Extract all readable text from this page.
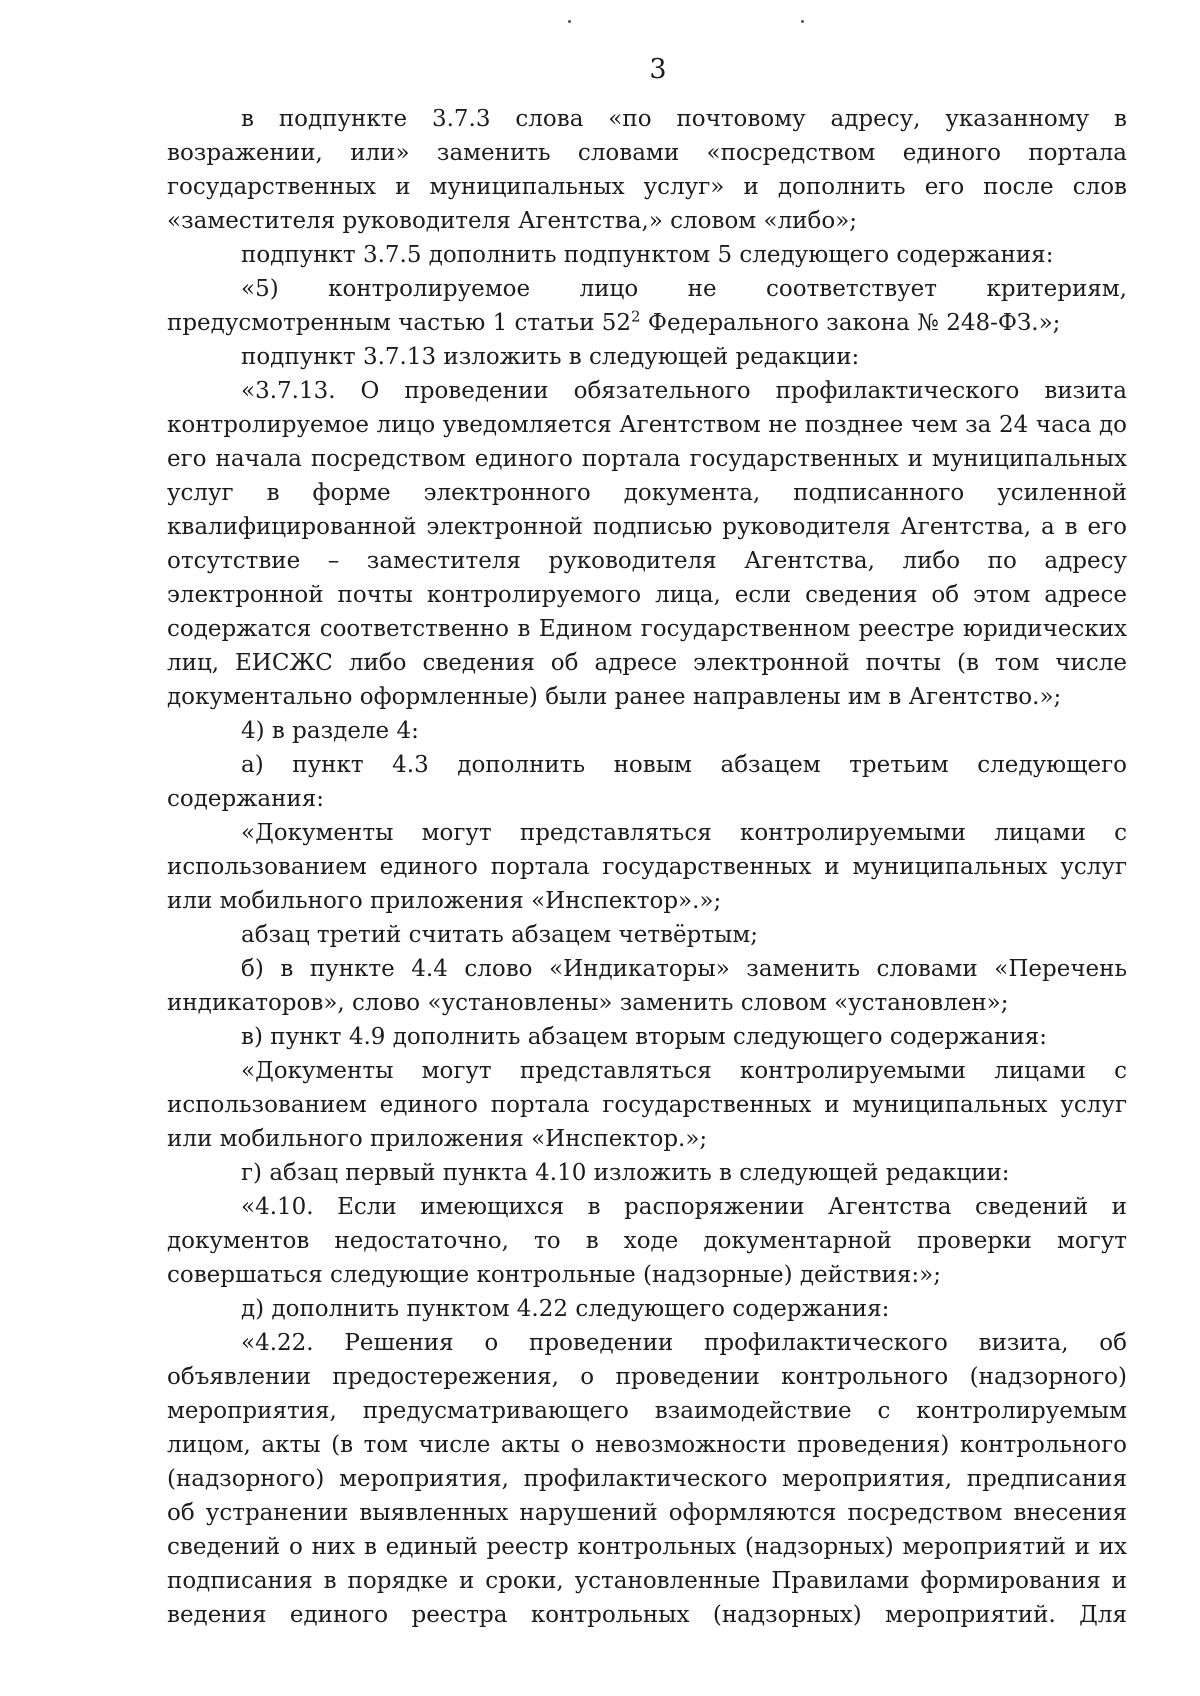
3

в подпункте 3.7.3 слова «по почтовому адресу, указанному в возражении, или» заменить словами «посредством единого портала государственных и муниципальных услуг» и дополнить его после слов «заместителя руководителя Агентства,» словом «либо»;

подпункт 3.7.5 дополнить подпунктом 5 следующего содержания:

«5) контролируемое лицо не соответствует критериям, предусмотренным частью 1 статьи $52^2$ Федерального закона № 248-ФЗ.»;

подпункт 3.7.13 изложить в следующей редакции:

«3.7.13. О проведении обязательного профилактического визита контролируемое лицо уведомляется Агентством не позднее чем за 24 часа до его начала посредством единого портала государственных и муниципальных услуг в форме электронного документа, подписанного усиленной квалифицированной электронной подписью руководителя Агентства, а в его отсутствие – заместителя руководителя Агентства, либо по адресу электронной почты контролируемого лица, если сведения об этом адресе содержатся соответственно в Едином государственном реестре юридических лиц, ЕИСЖС либо сведения об адресе электронной почты (в том числе документально оформленные) были ранее направлены им в Агентство.»;

4) в разделе 4:

а) пункт 4.3 дополнить новым абзацем третьим следующего содержания:

«Документы могут представляться контролируемыми лицами с использованием единого портала государственных и муниципальных услуг или мобильного приложения «Инспектор».»;

абзац третий считать абзацем четвёртым;

б) в пункте 4.4 слово «Индикаторы» заменить словами «Перечень индикаторов», слово «установлены» заменить словом «установлен»;

в) пункт 4.9 дополнить абзацем вторым следующего содержания:

«Документы могут представляться контролируемыми лицами с использованием единого портала государственных и муниципальных услуг или мобильного приложения «Инспектор.»;

г) абзац первый пункта 4.10 изложить в следующей редакции:

«4.10. Если имеющихся в распоряжении Агентства сведений и документов недостаточно, то в ходе документарной проверки могут совершаться следующие контрольные (надзорные) действия:»;

д) дополнить пунктом 4.22 следующего содержания:

«4.22. Решения о проведении профилактического визита, об объявлении предостережения, о проведении контрольного (надзорного) мероприятия, предусматривающего взаимодействие с контролируемым лицом, акты (в том числе акты о невозможности проведения) контрольного (надзорного) мероприятия, профилактического мероприятия, предписания об устранении выявленных нарушений оформляются посредством внесения сведений о них в единый реестр контрольных (надзорных) мероприятий и их подписания в порядке и сроки, установленные Правилами формирования и ведения единого реестра контрольных (надзорных) мероприятий. Для
